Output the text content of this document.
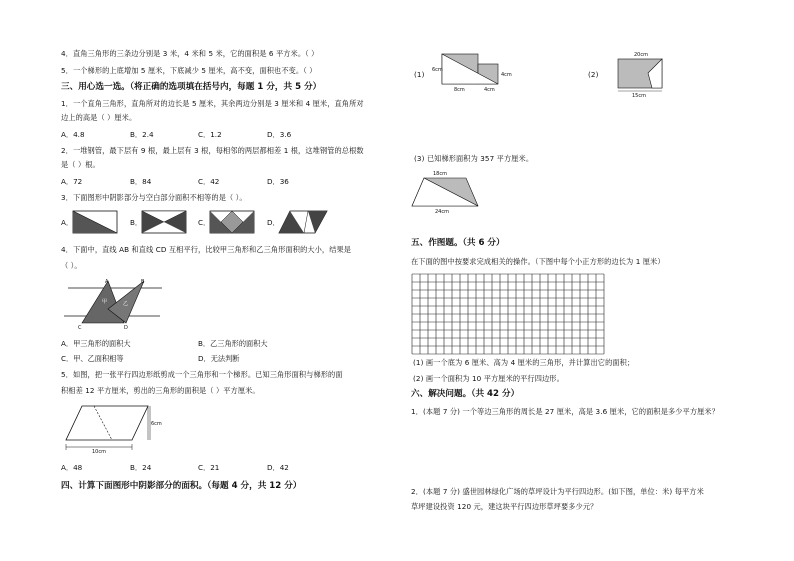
4．直角三角形的三条边分别是 3 米，4 米和 5 米，它的面积是 6 平方米。（ ）
5．一个梯形的上底增加 5 厘米，下底减少 5 厘米，高不变，面积也不变。（ ）
三、用心选一选。（将正确的选项填在括号内，每题 1 分，共 5 分）
1．一个直角三角形，直角所对的边长是 5 厘米，其余两边分别是 3 厘米和 4 厘米，直角所对
边上的高是（ ）厘米。
A．4.8	B．2.4	C．1.2	D．3.6
2．一堆钢管，最下层有 9 根，最上层有 3 根，每相邻的两层都相差 1 根，这堆钢管的总根数
是（ ）根。
A．72	B．84	C．42	D．36
3．下面图形中阴影部分与空白部分面积不相等的是（ ）。
A．	B．	C．	D．
4．下面中，直线 AB 和直线 CD 互相平行，比较甲三角形和乙三角形面积的大小，结果是
（ ）。
A	B
C	D
甲	乙
A．甲三角形的面积大	B．乙三角形的面积大
C．甲、乙面积相等	D．无法判断
5．如图，把一张平行四边形纸剪成一个三角形和一个梯形。已知三角形面积与梯形的面
积相差 12 平方厘米，剪出的三角形的面积是（ ）平方厘米。
6cm
10cm
A．48	B．24	C．21	D．42
四、计算下面图形中阴影部分的面积。（每题 4 分，共 12 分）
(1) 6cm
8cm	4cm
4cm	(2)
20cm
15cm
(3) 已知梯形面积为 357 平方厘米。
18cm
24cm
五、作图题。（共 6 分）
在下面的图中按要求完成相关的操作。（下图中每个小正方形的边长为 1 厘米）
(1) 画一个底为 6 厘米、高为 4 厘米的三角形，并计算出它的面积；
(2) 画一个面积为 10 平方厘米的平行四边形。
六、解决问题。（共 42 分）
1．(本题 7 分) 一个等边三角形的周长是 27 厘米，高是 3.6 厘米，它的面积是多少平方厘米？
2．(本题 7 分) 盛世园林绿化广场的草坪设计为平行四边形。(如下图，单位：米) 每平方米
草坪建设投资 120 元，建这块平行四边形草坪要多少元？
